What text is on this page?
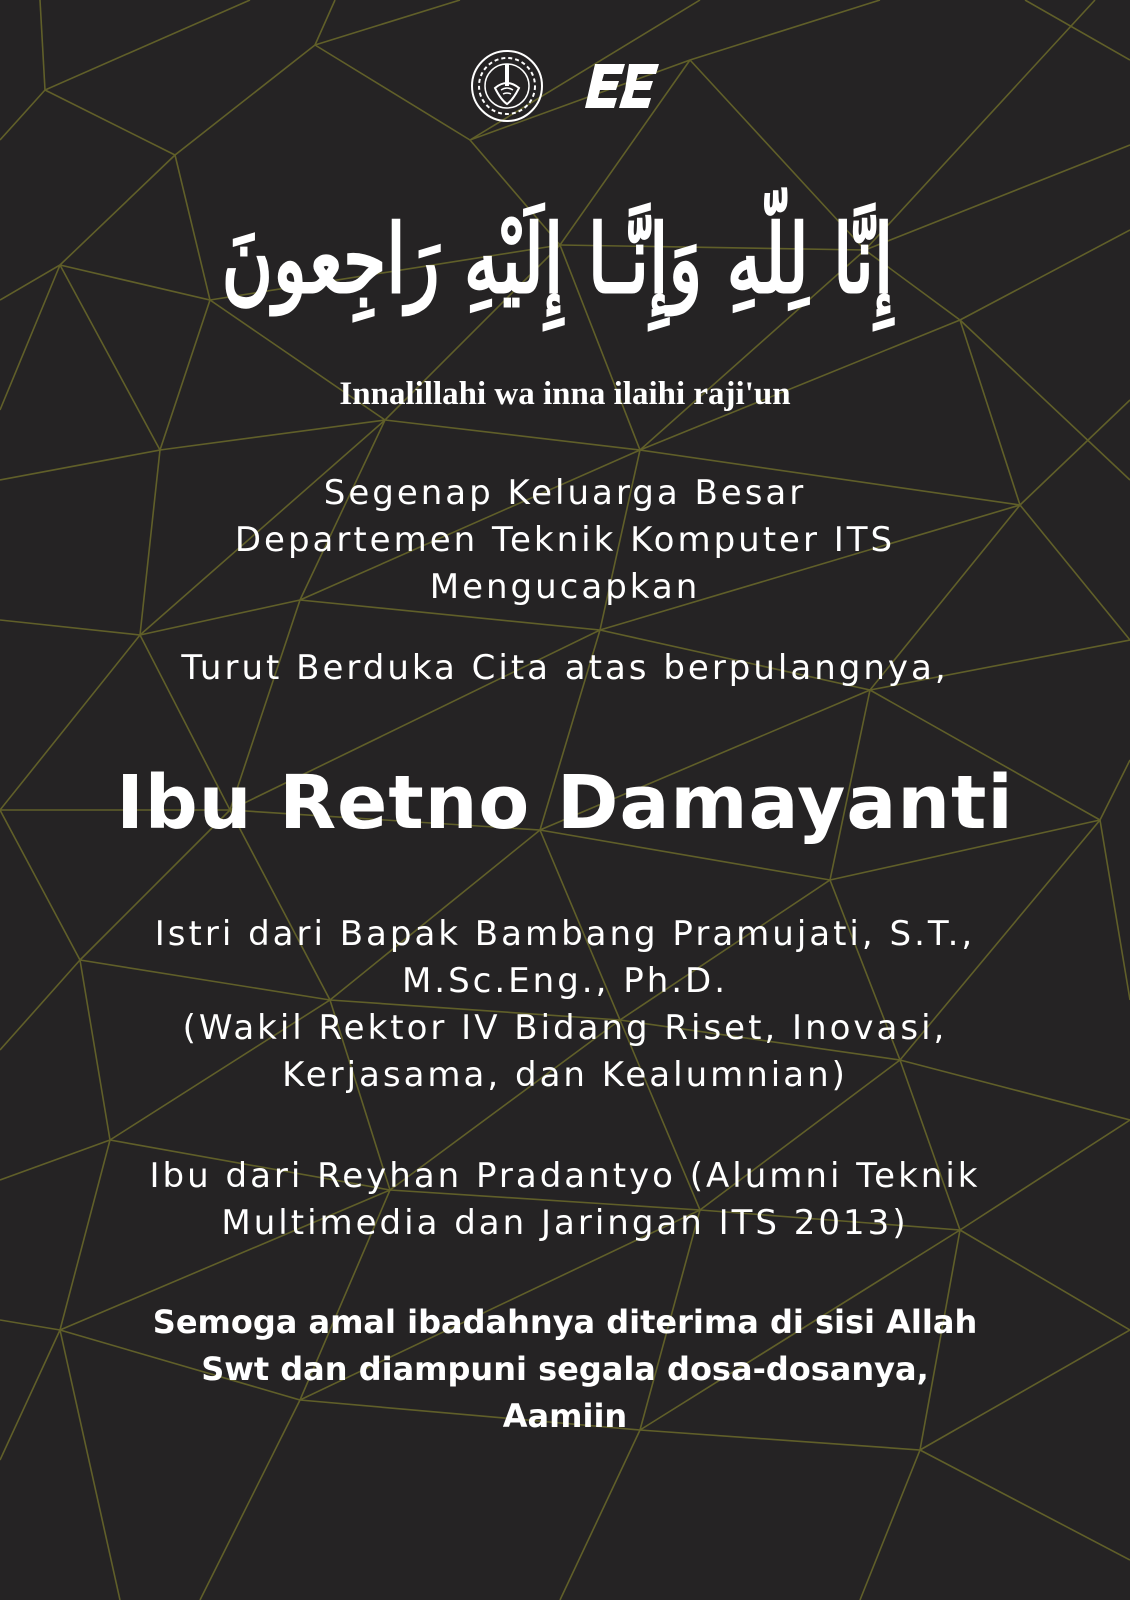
إِنَّا لِلّهِ وَإِنَّـا إِلَيْهِ رَاجِعونَ
Innalillahi wa inna ilaihi raji'un
Segenap Keluarga Besar
Departemen Teknik Komputer ITS
Mengucapkan
Turut Berduka Cita atas berpulangnya,
Ibu Retno Damayanti
Istri dari Bapak Bambang Pramujati, S.T.,
M.Sc.Eng., Ph.D.
(Wakil Rektor IV Bidang Riset, Inovasi,
Kerjasama, dan Kealumnian)
Ibu dari Reyhan Pradantyo (Alumni Teknik
Multimedia dan Jaringan ITS 2013)
Semoga amal ibadahnya diterima di sisi Allah
Swt dan diampuni segala dosa-dosanya,
Aamiin
